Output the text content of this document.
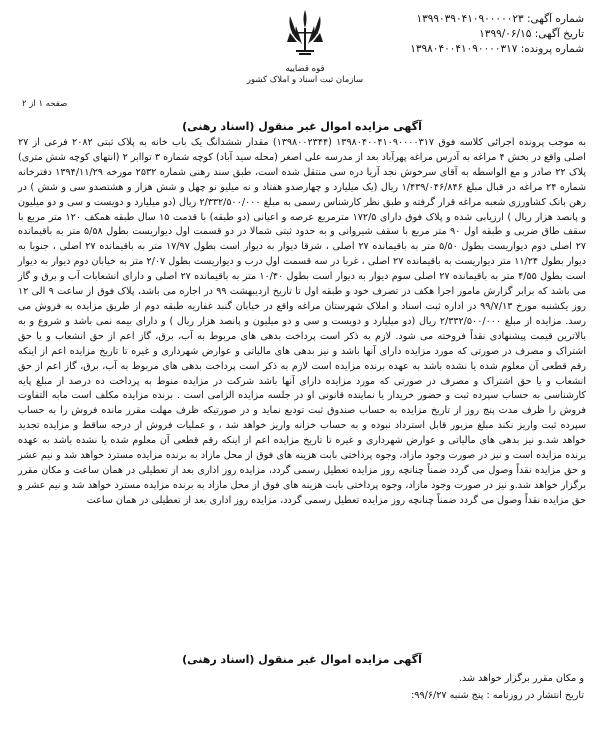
شماره آگهی: ۱۳۹۹۰۳۹۰۴۱۰۹۰۰۰۰۰۲۳
تاریخ آگهی: ۱۳۹۹/۰۶/۱۵
شماره پرونده: ۱۳۹۸۰۴۰۰۴۱۰۹۰۰۰۰۳۱۷
قوه قضاییه
سازمان ثبت اسناد و املاک کشور
صفحه ۱ از ۲
آگهی مزایده اموال غیر منقول (اسناد رهنی)
به موجب پرونده اجرائی کلاسه فوق ۱۳۹۸۰۴۰۰۴۱۰۹۰۰۰۰۳۱۷ (۱۳۹۸۰۰۲۳۴۴) مقدار ششدانگ یک باب خانه به پلاک ثبتی ۲۰۸۲ فرعی از ۲۷ اصلی واقع در بخش ۴ مراغه به آدرس مراغه پهرآباد بعد از مدرسه علی اصغر (محله سید آباد) کوچه شماره ۳ تواابر ۲ (انتهای کوچه شش متری) پلاک ۲۲ صادر و مع الواسطه به آقای سرخوش نجد آریا دره سی منتقل شده است، طبق سند رهنی شماره ۲۵۳۲ مورخه ۱۳۹۴/۱۱/۲۹ دفترخانه شماره ۲۴ مراغه در قبال مبلغ ۱/۴۳۹/۰۴۶/۸۴۶ ریال (یک میلیارد و چهارصدو هفتاد و نه میلیو نو چهل و شش هزار و هشتصدو سی و شش ) در رهن بانک کشاورزی شعبه مراغه قرار گرفته و طبق نظر کارشناس رسمی به مبلغ ۲/۳۳۲/۵۰۰/۰۰۰ ریال (دو میلیارد و دویست و سی و دو میلیون و پانصد هزار ریال ) ارزیابی شده و پلاک فوق دارای ۱۷۲/۵ مترمربع عرصه و اعیانی (دو طبقه) با قدمت ۱۵ سال طبقه همکف ۱۲۰ متر مربع با سقف طاق ضربی و طبقه اول ۹۰ متر مربع با سقف شیروانی و به حدود ثبتی شمالا در دو قسمت اول دیواریست بطول ۵/۵۸ متر به باقیمانده ۲۷ اصلی دوم دیواریست بطول ۵/۵۰ متر به باقیمانده ۲۷ اصلی ، شرقا دیوار به دیوار است بطول ۱۷/۹۷ متر به باقیمانده ۲۷ اصلی ، جنوبا به دیوار بطول ۱۱/۲۴ متر دیواریست به باقیمانده ۲۷ اصلی ، غربا در سه قسمت اول درب و دیواریست بطول ۲/۰۷ متر به خیابان دوم دیوار به دیوار است بطول ۴/۵۵ متر به باقیمانده ۲۷ اصلی سوم دیوار به دیوار است بطول ۱۰/۴۰ متر به باقیمانده ۲۷ اصلی و دارای انشعابات آب و برق و گاز می باشد که برابر گزارش مامور اجرا هکف در تصرف خود و طبقه اول تا تاریخ اردیبهشت ۹۹ در اجاره می باشد، پلاک فوق از ساعت ۹ الی ۱۲ روز یکشنبه مورخ ۹۹/۷/۱۳ در اداره ثبت اسناد و املاک شهرستان مراغه واقع در خیابان گنبد غفاریه طبقه دوم از طریق مزایده به فروش می رسد. مزایده از مبلغ ۲/۳۳۲/۵۰۰/۰۰۰ ریال (دو میلیارد و دویست و سی و دو میلیون و پانصد هزار ریال ) و دارای بیمه نمی باشد و شروع و به بالاترین قیمت پیشنهادی نقداً فروخته می شود. لازم به ذکر است پرداخت بدهی های مربوط به آب، برق، گاز اعم از حق انشعاب و یا حق اشتراک و مصرف در صورتی که مورد مزایده دارای آنها باشد و نیز بدهی های مالیاتی و عوارض شهرداری و غیره تا تاریخ مزایده اعم از اینکه رقم قطعی آن معلوم شده یا نشده باشد به عهده برنده مزایده است لازم به ذکر است پرداخت بدهی های مربوط به آب، برق، گاز اعم از حق انشعاب و یا حق اشتراک و مصرف در صورتی که مورد مزایده دارای آنها باشد شرکت در مزایده منوط به پرداخت ده درصد از مبلغ پایه کارشناسی به حساب سپرده ثبت و حضور خریدار یا نماینده قانونی او در جلسه مزایده الزامی است . برنده مزایده مکلف است مابه التفاوت فروش را ظرف مدت پنج روز از تاریخ مزایده به حساب صندوق ثبت تودیع نماید و در صورتیکه ظرف مهلت مقرر مانده فروش را به حساب سپرده ثبت واریز نکند مبلغ مزبور قابل استرداد نبوده و به حساب خزانه واریز خواهد شد ، و عملیات فروش از درجه ساقط و مزایده تجدید خواهد شد.و نیز بدهی های مالیاتی و عوارض شهرداری و غیره تا تاریخ مزایده اعم از اینکه رقم قطعی آن معلوم شده یا نشده باشد به عهده برنده مزایده است و نیز در صورت وجود مازاد، وجوه پرداختی بابت هزینه های فوق از محل مازاد به برنده مزایده مسترد خواهد شد و نیم عشر و حق مزایده نقداً وصول می گردد ضمناً چنانچه روز مزایده تعطیل رسمی گردد، مزایده روز اداری بعد از تعطیلی در همان ساعت و مکان مقرر برگزار خواهد شد.و نیز در صورت وجود مازاد، وجوه پرداختی بابت هزینه های فوق از محل مازاد به برنده مزایده مسترد خواهد شد و نیم عشر و حق مزایده نقداً وصول می گردد ضمناً چنانچه روز مزایده تعطیل رسمی گردد، مزایده روز اداری بعد از تعطیلی در همان ساعت
آگهی مزایده اموال غیر منقول (اسناد رهنی)
و مکان مقرر برگزار خواهد شد.
تاریخ انتشار در روزنامه : پنج شنبه ۹۹/۶/۲۷:
